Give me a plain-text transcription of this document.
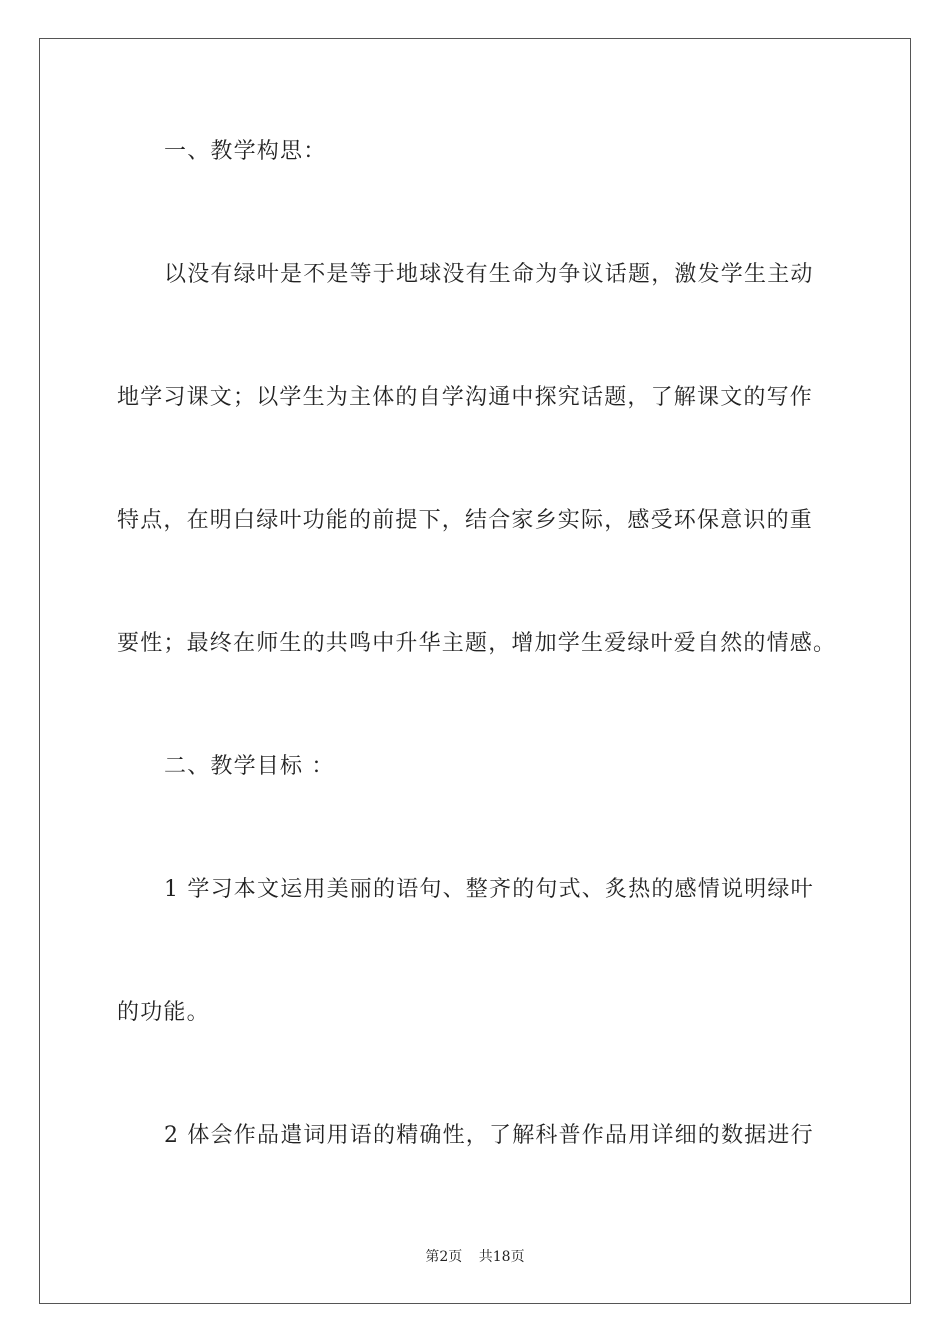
一、教学构思：
以没有绿叶是不是等于地球没有生命为争议话题，激发学生主动
地学习课文；以学生为主体的自学沟通中探究话题，了解课文的写作
特点，在明白绿叶功能的前提下，结合家乡实际，感受环保意识的重
要性；最终在师生的共鸣中升华主题，增加学生爱绿叶爱自然的情感。
二、教学目标 ：
1 学习本文运用美丽的语句、整齐的句式、炙热的感情说明绿叶
的功能。
2 体会作品遣词用语的精确性，了解科普作品用详细的数据进行
第2页 共18页
